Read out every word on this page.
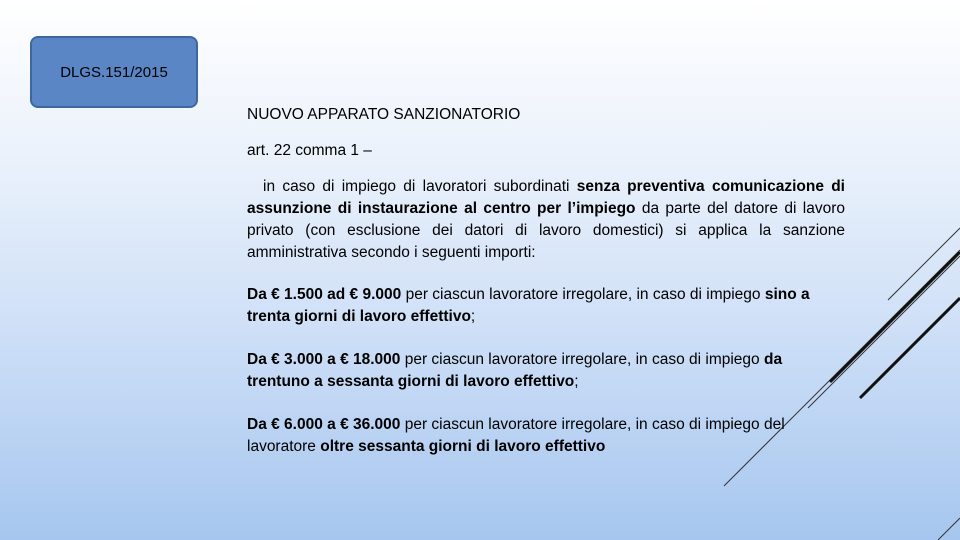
DLGS.151/2015
NUOVO APPARATO SANZIONATORIO
art. 22 comma 1 –
in caso di impiego di lavoratori subordinati senza preventiva comunicazione di assunzione di instaurazione al centro per l’impiego da parte del datore di lavoro privato (con esclusione dei datori di lavoro domestici) si applica la sanzione amministrativa secondo i seguenti importi:
Da € 1.500 ad € 9.000 per ciascun lavoratore irregolare, in caso di impiego sino a trenta giorni di lavoro effettivo;
Da € 3.000 a € 18.000 per ciascun lavoratore irregolare, in caso di impiego da trentuno a sessanta giorni di lavoro effettivo;
Da € 6.000 a € 36.000 per ciascun lavoratore irregolare, in caso di impiego del lavoratore oltre sessanta giorni di lavoro effettivo
